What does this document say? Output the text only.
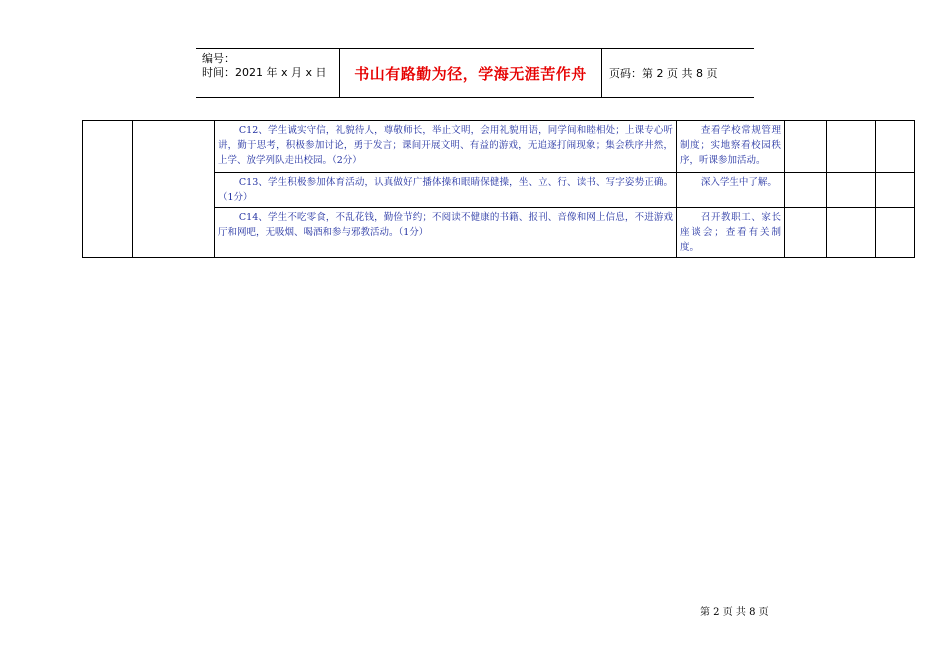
编号：
时间：2021 年 x 月 x 日	书山有路勤为径，学海无涯苦作舟	页码：第 2 页 共 8 页
		C12、学生诚实守信，礼貌待人，尊敬师长，举止文明，会用礼貌用语，同学间和睦相处；上课专心听讲，勤于思考，积极参加讨论，勇于发言；课间开展文明、有益的游戏，无追逐打闹现象；集会秩序井然，上学、放学列队走出校园。（2分）	查看学校常规管理制度；实地察看校园秩序，听课参加活动。			
		C13、学生积极参加体育活动，认真做好广播体操和眼睛保健操，坐、立、行、读书、写字姿势正确。（1分）	深入学生中了解。			
		C14、学生不吃零食，不乱花钱，勤俭节约；不阅读不健康的书籍、报刊、音像和网上信息，不进游戏厅和网吧，无吸烟、喝酒和参与邪教活动。（1分）	召开教职工、家长座谈会；查看有关制度。			
第 2 页 共 8 页
